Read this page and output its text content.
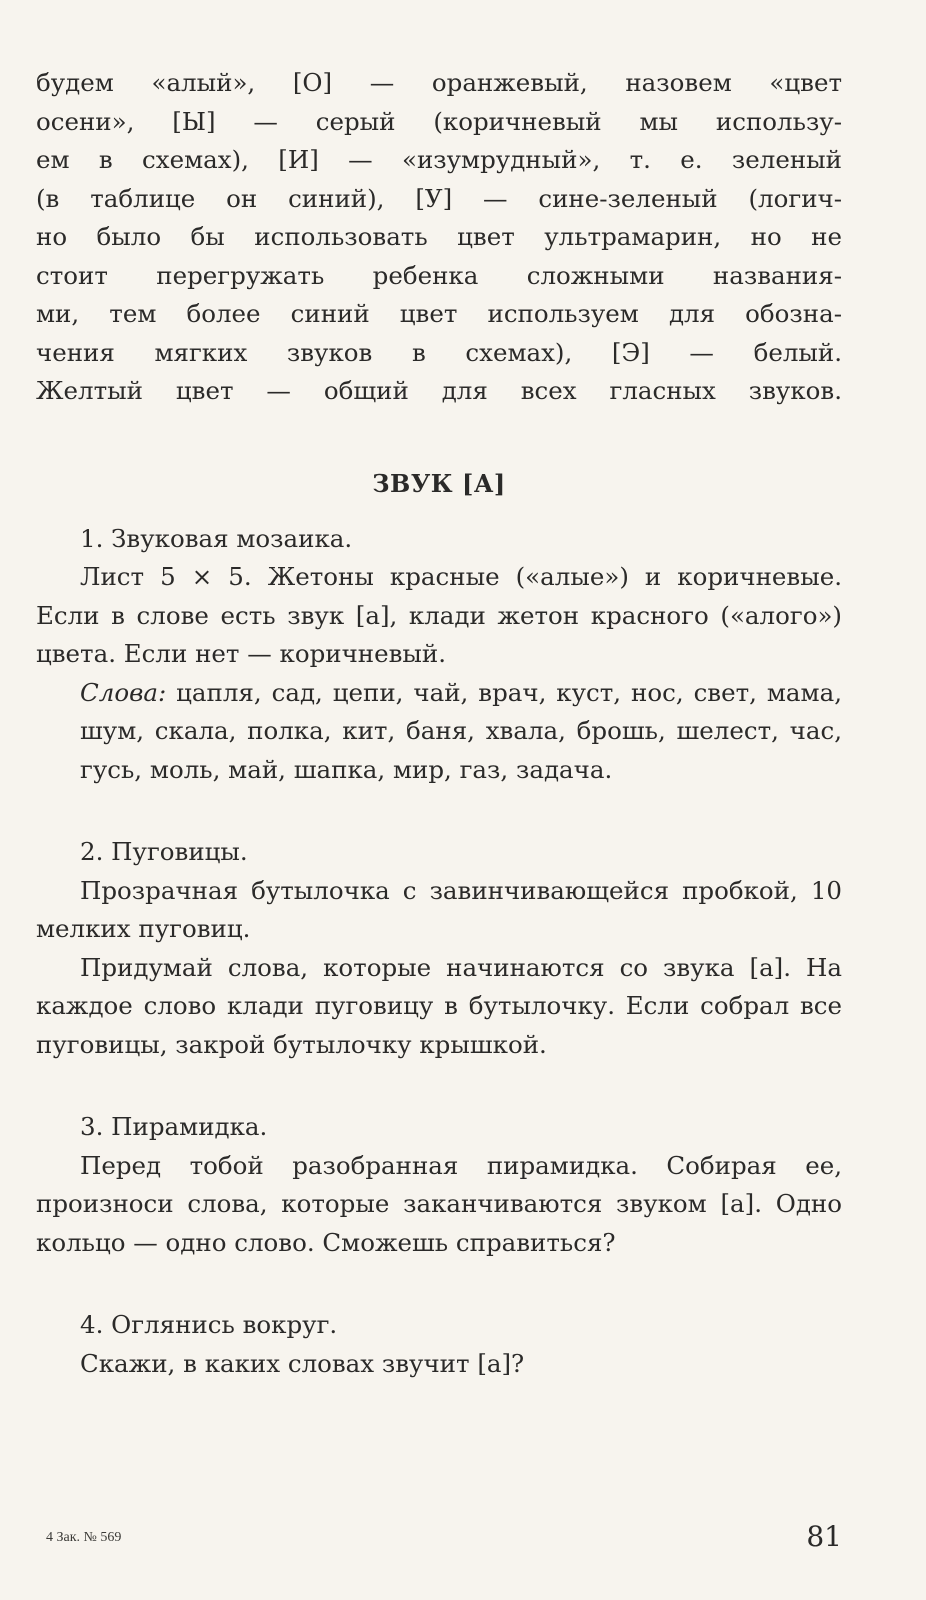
будем «алый», [О] — оранжевый, назовем «цвет
осени», [Ы] — серый (коричневый мы использу-
ем в схемах), [И] — «изумрудный», т. е. зеленый
(в таблице он синий), [У] — сине-зеленый (логич-
но было бы использовать цвет ультрамарин, но не
стоит перегружать ребенка сложными названия-
ми, тем более синий цвет используем для обозна-
чения мягких звуков в схемах), [Э] — белый.
Желтый цвет — общий для всех гласных звуков.

ЗВУК [А]

1. Звуковая мозаика.

Лист 5 × 5. Жетоны красные («алые») и коричневые. Если в слове есть звук [а], клади жетон красного («алого») цвета. Если нет — коричневый.

Слова: цапля, сад, цепи, чай, врач, куст, нос, свет, мама, шум, скала, полка, кит, баня, хвала, брошь, шелест, час, гусь, моль, май, шапка, мир, газ, задача.

2. Пуговицы.

Прозрачная бутылочка с завинчивающейся пробкой, 10 мелких пуговиц.

Придумай слова, которые начинаются со звука [а]. На каждое слово клади пуговицу в бутылочку. Если собрал все пуговицы, закрой бутылочку крышкой.

3. Пирамидка.

Перед тобой разобранная пирамидка. Собирая ее, произноси слова, которые заканчиваются звуком [а]. Одно кольцо — одно слово. Сможешь справиться?

4. Оглянись вокруг.

Скажи, в каких словах звучит [а]?

4 Зак. № 569	81
